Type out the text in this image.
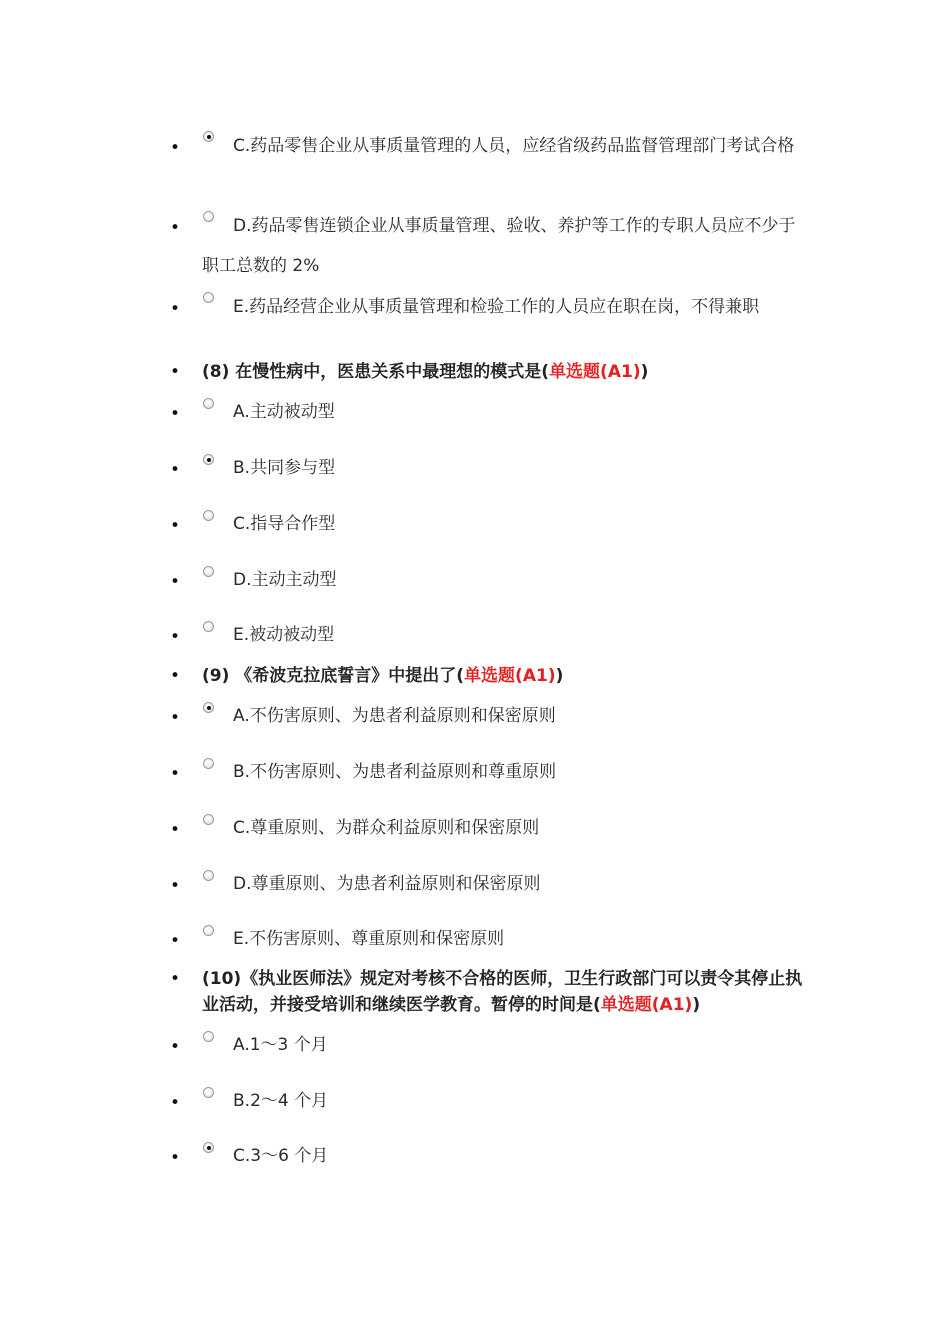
•	C.药品零售企业从事质量管理的人员，应经省级药品监督管理部门考试合格
•	D.药品零售连锁企业从事质量管理、验收、养护等工作的专职人员应不少于职工总数的 2%
•	E.药品经营企业从事质量管理和检验工作的人员应在职在岗，不得兼职
• (8) 在慢性病中，医患关系中最理想的模式是(单选题(A1))
•	A.主动被动型
•	B.共同参与型
•	C.指导合作型
•	D.主动主动型
•	E.被动被动型
• (9) 《希波克拉底誓言》中提出了(单选题(A1))
•	A.不伤害原则、为患者利益原则和保密原则
•	B.不伤害原则、为患者利益原则和尊重原则
•	C.尊重原则、为群众利益原则和保密原则
•	D.尊重原则、为患者利益原则和保密原则
•	E.不伤害原则、尊重原则和保密原则
• (10)《执业医师法》规定对考核不合格的医师，卫生行政部门可以责令其停止执业活动，并接受培训和继续医学教育。暂停的时间是(单选题(A1))
•	A.1～3 个月
•	B.2～4 个月
•	C.3～6 个月
